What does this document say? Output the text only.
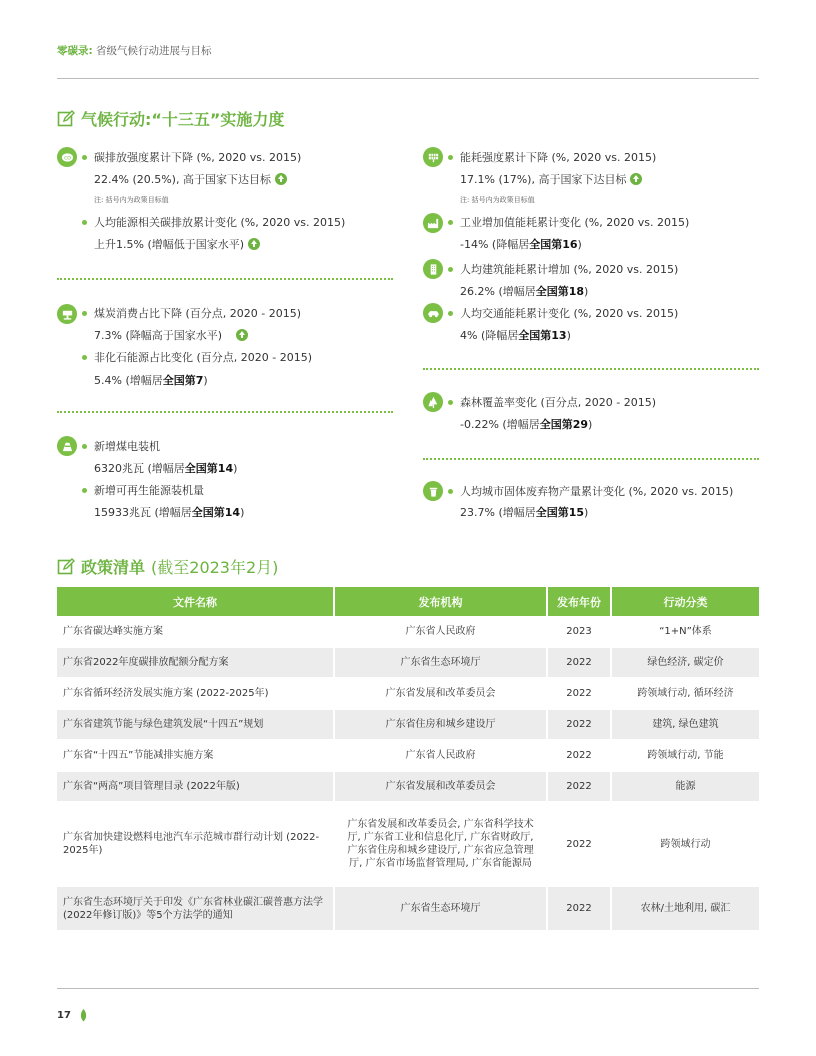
零碳录: 省级气候行动进展与目标
气候行动:“十三五”实施力度
CO	碳排放强度累计下降 (%, 2020 vs. 2015)
22.4% (20.5%), 高于国家下达目标
注: 括号内为政策目标值
人均能源相关碳排放累计变化 (%, 2020 vs. 2015)
上升1.5% (增幅低于国家水平)
煤炭消费占比下降 (百分点, 2020 - 2015)
7.3% (降幅高于国家水平)
非化石能源占比变化 (百分点, 2020 - 2015)
5.4% (增幅居全国第7)
新增煤电装机
6320兆瓦 (增幅居全国第14)
新增可再生能源装机量
15933兆瓦 (增幅居全国第14)
能耗强度累计下降 (%, 2020 vs. 2015)
17.1% (17%), 高于国家下达目标
注: 括号内为政策目标值
工业增加值能耗累计变化 (%, 2020 vs. 2015)
-14% (降幅居全国第16)
人均建筑能耗累计增加 (%, 2020 vs. 2015)
26.2% (增幅居全国第18)
人均交通能耗累计变化 (%, 2020 vs. 2015)
4% (降幅居全国第13)
森林覆盖率变化 (百分点, 2020 - 2015)
-0.22% (增幅居全国第29)
人均城市固体废弃物产量累计变化 (%, 2020 vs. 2015)
23.7% (增幅居全国第15)
政策清单 (截至2023年2月)
文件名称	发布机构	发布年份	行动分类
广东省碳达峰实施方案	广东省人民政府	2023	“1+N”体系
广东省2022年度碳排放配额分配方案	广东省生态环境厅	2022	绿色经济, 碳定价
广东省循环经济发展实施方案 (2022-2025年)	广东省发展和改革委员会	2022	跨领域行动, 循环经济
广东省建筑节能与绿色建筑发展“十四五”规划	广东省住房和城乡建设厅	2022	建筑, 绿色建筑
广东省“十四五”节能减排实施方案	广东省人民政府	2022	跨领域行动, 节能
广东省“两高”项目管理目录 (2022年版)	广东省发展和改革委员会	2022	能源
广东省加快建设燃料电池汽车示范城市群行动计划 (2022-2025年)	广东省发展和改革委员会, 广东省科学技术厅, 广东省工业和信息化厅, 广东省财政厅, 广东省住房和城乡建设厅, 广东省应急管理厅, 广东省市场监督管理局, 广东省能源局	2022	跨领域行动
广东省生态环境厅关于印发《广东省林业碳汇碳普惠方法学 (2022年修订版)》等5个方法学的通知	广东省生态环境厅	2022	农林/土地利用, 碳汇
17
